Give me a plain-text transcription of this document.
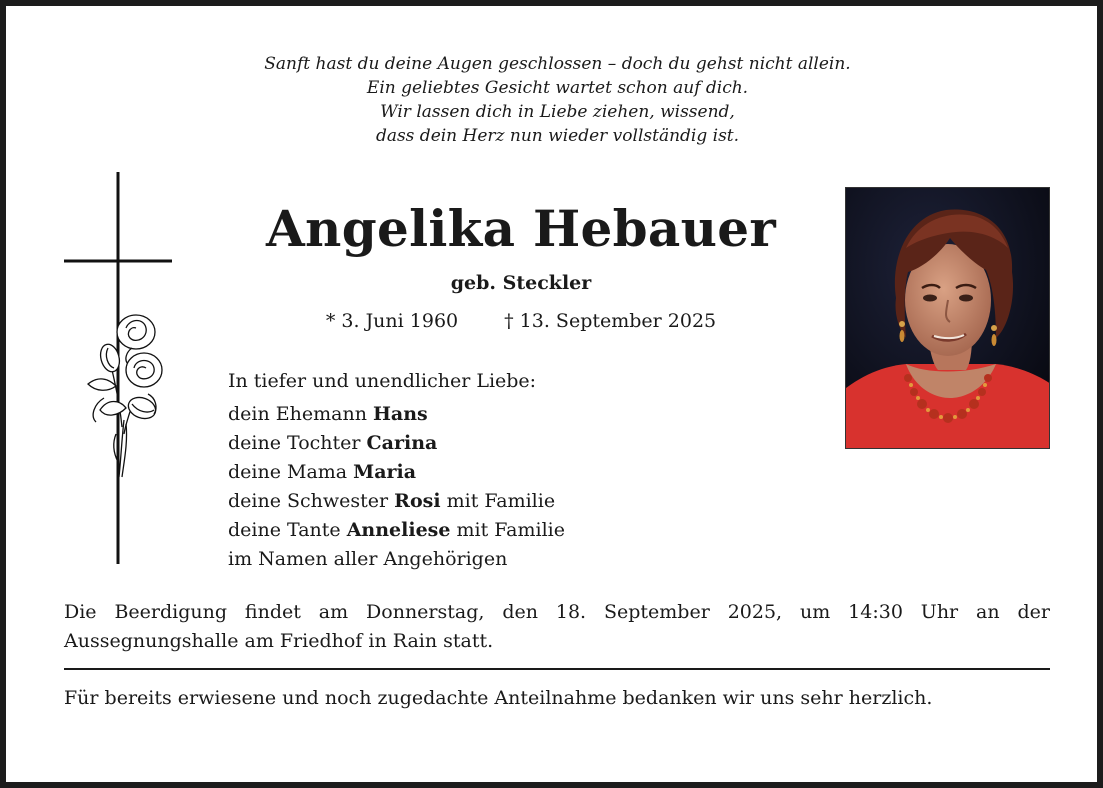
Sanft hast du deine Augen geschlossen – doch du gehst nicht allein.
Ein geliebtes Gesicht wartet schon auf dich.
Wir lassen dich in Liebe ziehen, wissend,
dass dein Herz nun wieder vollständig ist.
Angelika Hebauer
geb. Steckler
* 3. Juni 1960 † 13. September 2025
In tiefer und unendlicher Liebe:
dein Ehemann Hans
deine Tochter Carina
deine Mama Maria
deine Schwester Rosi mit Familie
deine Tante Anneliese mit Familie
im Namen aller Angehörigen
Die Beerdigung findet am Donnerstag, den 18. September 2025, um 14:30 Uhr an der Aussegnungshalle am Friedhof in Rain statt.
Für bereits erwiesene und noch zugedachte Anteilnahme bedanken wir uns sehr herzlich.
